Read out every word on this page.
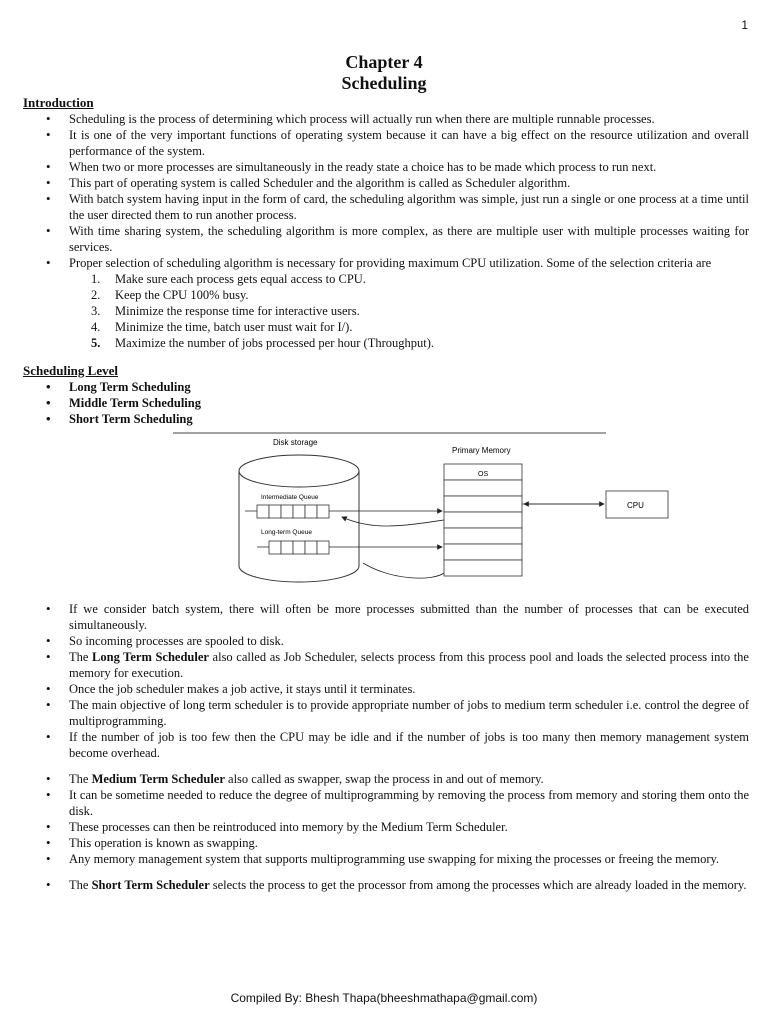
1
Chapter 4
Scheduling
Introduction
• Scheduling is the process of determining which process will actually run when there are multiple runnable processes.
• It is one of the very important functions of operating system because it can have a big effect on the resource utilization and overall performance of the system.
• When two or more processes are simultaneously in the ready state a choice has to be made which process to run next.
• This part of operating system is called Scheduler and the algorithm is called as Scheduler algorithm.
• With batch system having input in the form of card, the scheduling algorithm was simple, just run a single or one process at a time until the user directed them to run another process.
• With time sharing system, the scheduling algorithm is more complex, as there are multiple user with multiple processes waiting for services.
• Proper selection of scheduling algorithm is necessary for providing maximum CPU utilization. Some of the selection criteria are
1. Make sure each process gets equal access to CPU.
2. Keep the CPU 100% busy.
3. Minimize the response time for interactive users.
4. Minimize the time, batch user must wait for I/).
5. Maximize the number of jobs processed per hour (Throughput).
Scheduling Level
• Long Term Scheduling
• Middle Term Scheduling
• Short Term Scheduling
Disk storage
Primary Memory
Intermediate Queue
Long-term Queue
OS
CPU
• If we consider batch system, there will often be more processes submitted than the number of processes that can be executed simultaneously.
• So incoming processes are spooled to disk.
• The Long Term Scheduler also called as Job Scheduler, selects process from this process pool and loads the selected process into the memory for execution.
• Once the job scheduler makes a job active, it stays until it terminates.
• The main objective of long term scheduler is to provide appropriate number of jobs to medium term scheduler i.e. control the degree of multiprogramming.
• If the number of job is too few then the CPU may be idle and if the number of jobs is too many then memory management system become overhead.
• The Medium Term Scheduler also called as swapper, swap the process in and out of memory.
• It can be sometime needed to reduce the degree of multiprogramming by removing the process from memory and storing them onto the disk.
• These processes can then be reintroduced into memory by the Medium Term Scheduler.
• This operation is known as swapping.
• Any memory management system that supports multiprogramming use swapping for mixing the processes or freeing the memory.
• The Short Term Scheduler selects the process to get the processor from among the processes which are already loaded in the memory.
Compiled By: Bhesh Thapa(bheeshmathapa@gmail.com)
